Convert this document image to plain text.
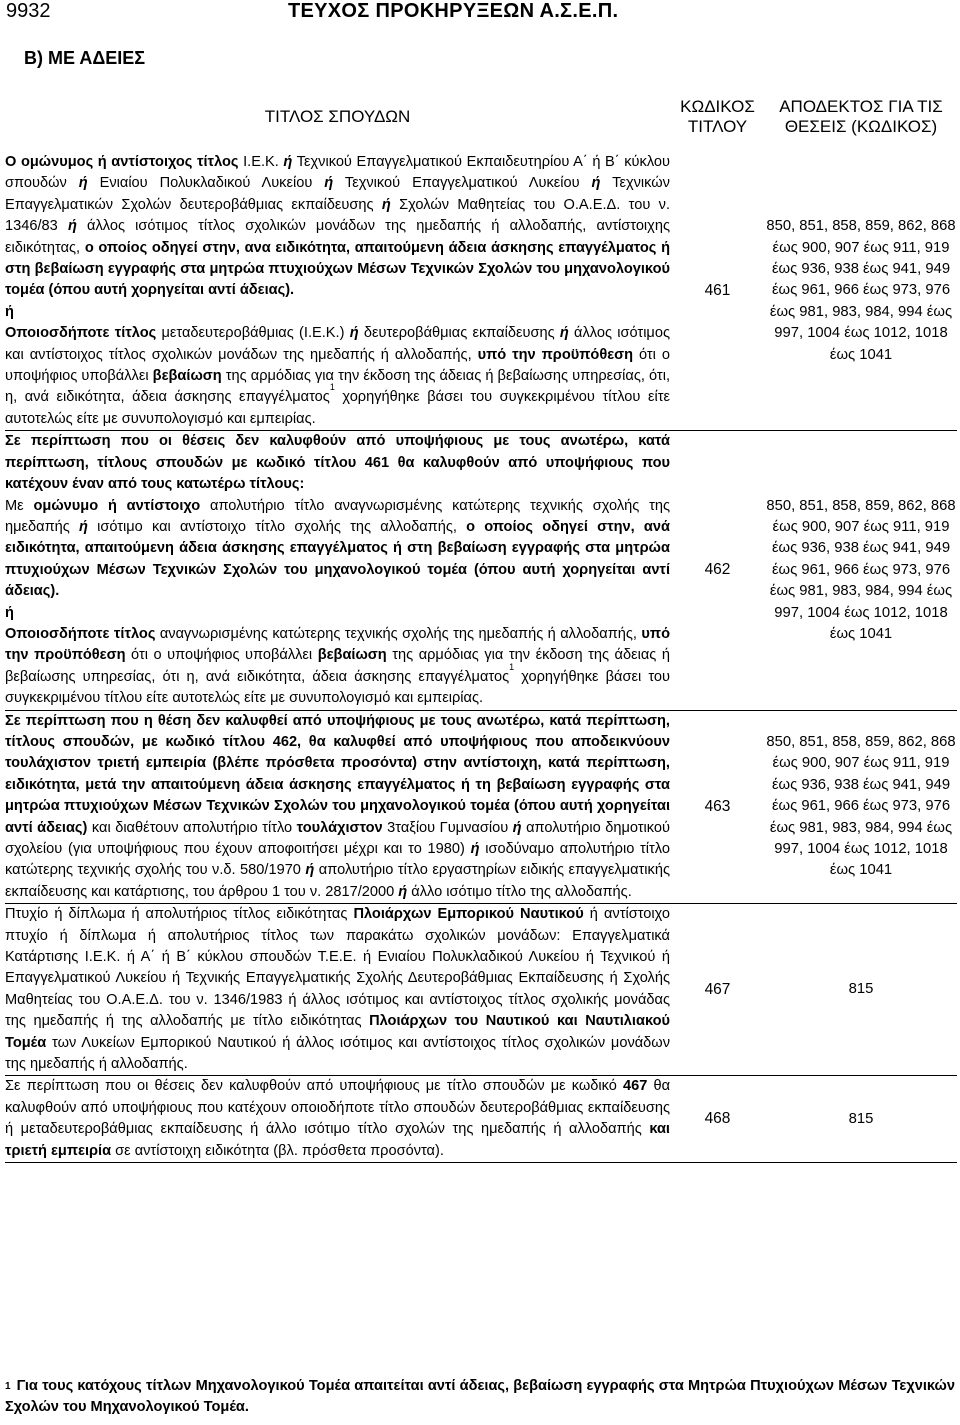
9932	ΤΕΥΧΟΣ ΠΡΟΚΗΡΥΞΕΩΝ Α.Σ.Ε.Π.
Β) ΜΕ ΑΔΕΙΕΣ
ΤΙΤΛΟΣ ΣΠΟΥΔΩΝ	ΚΩΔΙΚΟΣ ΤΙΤΛΟΥ	ΑΠΟΔΕΚΤΟΣ ΓΙΑ ΤΙΣ ΘΕΣΕΙΣ (ΚΩΔΙΚΟΣ)
Ο ομώνυμος ή αντίστοιχος τίτλος Ι.Ε.Κ. ή Τεχνικού Επαγγελματικού Εκπαιδευτηρίου Α΄ ή Β΄ κύκλου σπουδών ή Ενιαίου Πολυκλαδικού Λυκείου ή Τεχνικού Επαγγελματικού Λυκείου ή Τεχνικών Επαγγελματικών Σχολών δευτεροβάθμιας εκπαίδευσης ή Σχολών Μαθητείας του Ο.Α.Ε.Δ. του ν. 1346/83 ή άλλος ισότιμος τίτλος σχολικών μονάδων της ημεδαπής ή αλλοδαπής, αντίστοιχης ειδικότητας, ο οποίος οδηγεί στην, ανα ειδικότητα, απαιτούμενη άδεια άσκησης επαγγέλματος ή στη βεβαίωση εγγραφής στα μητρώα πτυχιούχων Μέσων Τεχνικών Σχολών του μηχανολογικού τομέα (όπου αυτή χορηγείται αντί άδειας).

ή

Οποιοσδήποτε τίτλος μεταδευτεροβάθμιας (Ι.Ε.Κ.) ή δευτεροβάθμιας εκπαίδευσης ή άλλος ισότιμος και αντίστοιχος τίτλος σχολικών μονάδων της ημεδαπής ή αλλοδαπής, υπό την προϋπόθεση ότι ο υποψήφιος υποβάλλει βεβαίωση της αρμόδιας για την έκδοση της άδειας ή βεβαίωσης υπηρεσίας, ότι, η, ανά ειδικότητα, άδεια άσκησης επαγγέλματος$^1$ χορηγήθηκε βάσει του συγκεκριμένου τίτλου είτε αυτοτελώς είτε με συνυπολογισμό και εμπειρίας.	461	850, 851, 858, 859, 862, 868 έως 900, 907 έως 911, 919 έως 936, 938 έως 941, 949 έως 961, 966 έως 973, 976 έως 981, 983, 984, 994 έως 997, 1004 έως 1012, 1018 έως 1041
Σε περίπτωση που οι θέσεις δεν καλυφθούν από υποψήφιους με τους ανωτέρω, κατά περίπτωση, τίτλους σπουδών με κωδικό τίτλου 461 θα καλυφθούν από υποψήφιους που κατέχουν έναν από τους κατωτέρω τίτλους:
Με ομώνυμο ή αντίστοιχο απολυτήριο τίτλο αναγνωρισμένης κατώτερης τεχνικής σχολής της ημεδαπής ή ισότιμο και αντίστοιχο τίτλο σχολής της αλλοδαπής, ο οποίος οδηγεί στην, ανά ειδικότητα, απαιτούμενη άδεια άσκησης επαγγέλματος ή στη βεβαίωση εγγραφής στα μητρώα πτυχιούχων Μέσων Τεχνικών Σχολών του μηχανολογικού τομέα (όπου αυτή χορηγείται αντί άδειας).

ή

Οποιοσδήποτε τίτλος αναγνωρισμένης κατώτερης τεχνικής σχολής της ημεδαπής ή αλλοδαπής, υπό την προϋπόθεση ότι ο υποψήφιος υποβάλλει βεβαίωση της αρμόδιας για την έκδοση της άδειας ή βεβαίωσης υπηρεσίας, ότι η, ανά ειδικότητα, άδεια άσκησης επαγγέλματος$^1$ χορηγήθηκε βάσει του συγκεκριμένου τίτλου είτε αυτοτελώς είτε με συνυπολογισμό και εμπειρίας.	462	850, 851, 858, 859, 862, 868 έως 900, 907 έως 911, 919 έως 936, 938 έως 941, 949 έως 961, 966 έως 973, 976 έως 981, 983, 984, 994 έως 997, 1004 έως 1012, 1018 έως 1041
Σε περίπτωση που η θέση δεν καλυφθεί από υποψήφιους με τους ανωτέρω, κατά περίπτωση, τίτλους σπουδών, με κωδικό τίτλου 462, θα καλυφθεί από υποψήφιους που αποδεικνύουν τουλάχιστον τριετή εμπειρία (βλέπε πρόσθετα προσόντα) στην αντίστοιχη, κατά περίπτωση, ειδικότητα, μετά την απαιτούμενη άδεια άσκησης επαγγέλματος ή τη βεβαίωση εγγραφής στα μητρώα πτυχιούχων Μέσων Τεχνικών Σχολών του μηχανολογικού τομέα (όπου αυτή χορηγείται αντί άδειας) και διαθέτουν απολυτήριο τίτλο τουλάχιστον 3ταξίου Γυμνασίου ή απολυτήριο δημοτικού σχολείου (για υποψήφιους που έχουν αποφοιτήσει μέχρι και το 1980) ή ισοδύναμο απολυτήριο τίτλο κατώτερης τεχνικής σχολής του ν.δ. 580/1970 ή απολυτήριο τίτλο εργαστηρίων ειδικής επαγγελματικής εκπαίδευσης και κατάρτισης, του άρθρου 1 του ν. 2817/2000 ή άλλο ισότιμο τίτλο της αλλοδαπής.	463	850, 851, 858, 859, 862, 868 έως 900, 907 έως 911, 919 έως 936, 938 έως 941, 949 έως 961, 966 έως 973, 976 έως 981, 983, 984, 994 έως 997, 1004 έως 1012, 1018 έως 1041
Πτυχίο ή δίπλωμα ή απολυτήριος τίτλος ειδικότητας Πλοιάρχων Εμπορικού Ναυτικού ή αντίστοιχο πτυχίο ή δίπλωμα ή απολυτήριος τίτλος των παρακάτω σχολικών μονάδων: Επαγγελματικά Κατάρτισης Ι.Ε.Κ. ή Α΄ ή Β΄ κύκλου σπουδών Τ.Ε.Ε. ή Ενιαίου Πολυκλαδικού Λυκείου ή Τεχνικού ή Επαγγελματικού Λυκείου ή Τεχνικής Επαγγελματικής Σχολής Δευτεροβάθμιας Εκπαίδευσης ή Σχολής Μαθητείας του Ο.Α.Ε.Δ. του ν. 1346/1983 ή άλλος ισότιμος και αντίστοιχος τίτλος σχολικής μονάδας της ημεδαπής ή της αλλοδαπής με τίτλο ειδικότητας Πλοιάρχων του Ναυτικού και Ναυτιλιακού Τομέα των Λυκείων Εμπορικού Ναυτικού ή άλλος ισότιμος και αντίστοιχος τίτλος σχολικών μονάδων της ημεδαπής ή αλλοδαπής.	467	815
Σε περίπτωση που οι θέσεις δεν καλυφθούν από υποψήφιους με τίτλο σπουδών με κωδικό 467 θα καλυφθούν από υποψήφιους που κατέχουν οποιοδήποτε τίτλο σπουδών δευτεροβάθμιας εκπαίδευσης ή μεταδευτεροβάθμιας εκπαίδευσης ή άλλο ισότιμο τίτλο σχολών της ημεδαπής ή αλλοδαπής και τριετή εμπειρία σε αντίστοιχη ειδικότητα (βλ. πρόσθετα προσόντα).	468	815
$^1$ Για τους κατόχους τίτλων Μηχανολογικού Τομέα απαιτείται αντί άδειας, βεβαίωση εγγραφής στα Μητρώα Πτυχιούχων Μέσων Τεχνικών Σχολών του Μηχανολογικού Τομέα.
